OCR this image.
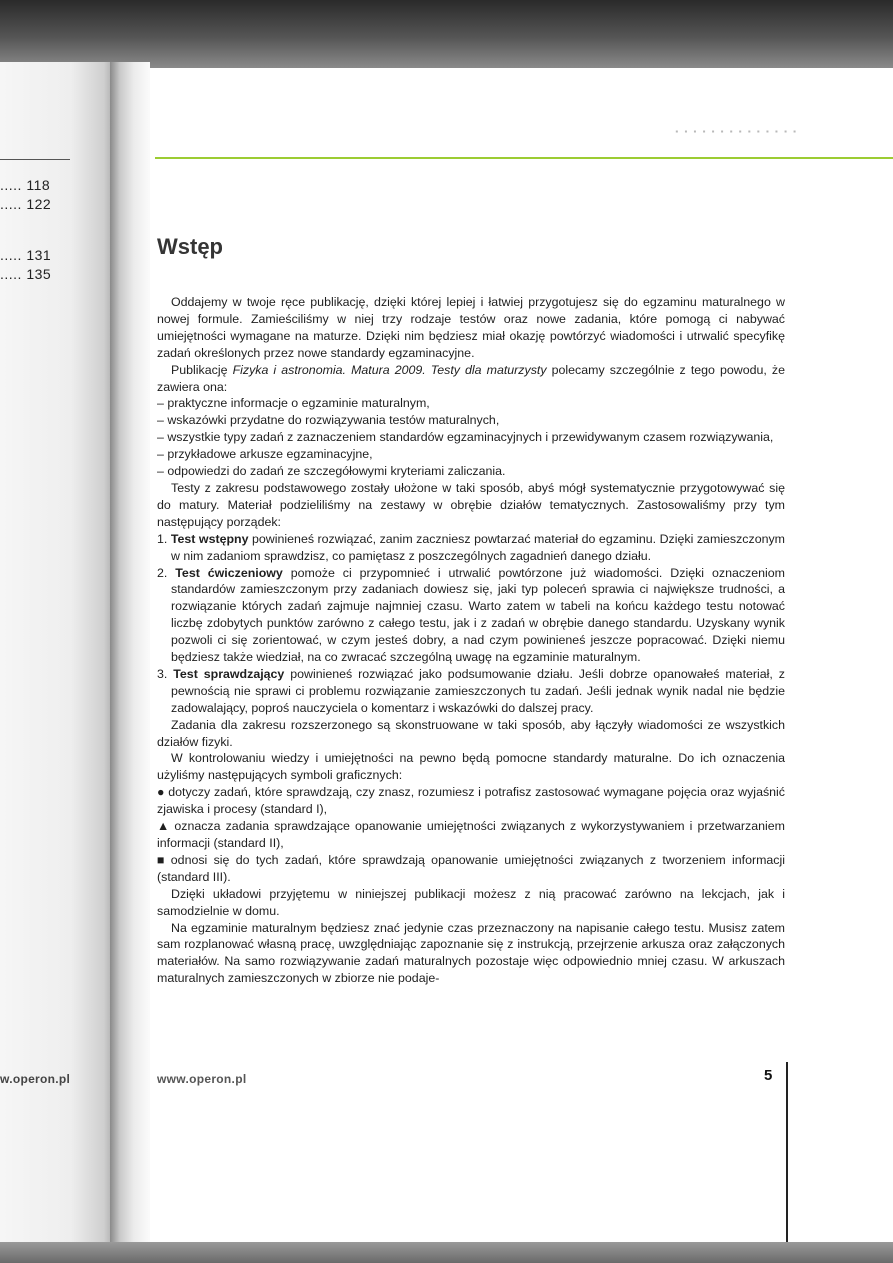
..... 118
..... 122
..... 131
..... 135
w.operon.pl
▪ ▪ ▪ ▪ ▪ ▪ ▪ ▪ ▪ ▪ ▪ ▪ ▪ ▪
Wstęp

Oddajemy w twoje ręce publikację, dzięki której lepiej i łatwiej przygotujesz się do egzaminu maturalnego w nowej formule. Zamieściliśmy w niej trzy rodzaje testów oraz nowe zadania, które pomogą ci nabywać umiejętności wymagane na maturze. Dzięki nim będziesz miał okazję powtórzyć wiadomości i utrwalić specyfikę zadań określonych przez nowe standardy egzaminacyjne.

Publikację Fizyka i astronomia. Matura 2009. Testy dla maturzysty polecamy szczególnie z tego powodu, że zawiera ona:

– praktyczne informacje o egzaminie maturalnym,

– wskazówki przydatne do rozwiązywania testów maturalnych,

– wszystkie typy zadań z zaznaczeniem standardów egzaminacyjnych i przewidywanym czasem rozwiązywania,

– przykładowe arkusze egzaminacyjne,

– odpowiedzi do zadań ze szczegółowymi kryteriami zaliczania.

Testy z zakresu podstawowego zostały ułożone w taki sposób, abyś mógł systematycznie przygotowywać się do matury. Materiał podzieliliśmy na zestawy w obrębie działów tematycznych. Zastosowaliśmy przy tym następujący porządek:

1. Test wstępny powinieneś rozwiązać, zanim zaczniesz powtarzać materiał do egzaminu. Dzięki zamieszczonym w nim zadaniom sprawdzisz, co pamiętasz z poszczególnych zagadnień danego działu.

2. Test ćwiczeniowy pomoże ci przypomnieć i utrwalić powtórzone już wiadomości. Dzięki oznaczeniom standardów zamieszczonym przy zadaniach dowiesz się, jaki typ poleceń sprawia ci największe trudności, a rozwiązanie których zadań zajmuje najmniej czasu. Warto zatem w tabeli na końcu każdego testu notować liczbę zdobytych punktów zarówno z całego testu, jak i z zadań w obrębie danego standardu. Uzyskany wynik pozwoli ci się zorientować, w czym jesteś dobry, a nad czym powinieneś jeszcze popracować. Dzięki niemu będziesz także wiedział, na co zwracać szczególną uwagę na egzaminie maturalnym.

3. Test sprawdzający powinieneś rozwiązać jako podsumowanie działu. Jeśli dobrze opanowałeś materiał, z pewnością nie sprawi ci problemu rozwiązanie zamieszczonych tu zadań. Jeśli jednak wynik nadal nie będzie zadowalający, poproś nauczyciela o komentarz i wskazówki do dalszej pracy.

Zadania dla zakresu rozszerzonego są skonstruowane w taki sposób, aby łączyły wiadomości ze wszystkich działów fizyki.

W kontrolowaniu wiedzy i umiejętności na pewno będą pomocne standardy maturalne. Do ich oznaczenia użyliśmy następujących symboli graficznych:

● dotyczy zadań, które sprawdzają, czy znasz, rozumiesz i potrafisz zastosować wymagane pojęcia oraz wyjaśnić zjawiska i procesy (standard I),

▲ oznacza zadania sprawdzające opanowanie umiejętności związanych z wykorzystywaniem i przetwarzaniem informacji (standard II),

■ odnosi się do tych zadań, które sprawdzają opanowanie umiejętności związanych z tworzeniem informacji (standard III).

Dzięki układowi przyjętemu w niniejszej publikacji możesz z nią pracować zarówno na lekcjach, jak i samodzielnie w domu.

Na egzaminie maturalnym będziesz znać jedynie czas przeznaczony na napisanie całego testu. Musisz zatem sam rozplanować własną pracę, uwzględniając zapoznanie się z instrukcją, przejrzenie arkusza oraz załączonych materiałów. Na samo rozwiązywanie zadań maturalnych pozostaje więc odpowiednio mniej czasu. W arkuszach maturalnych zamieszczonych w zbiorze nie podaje-

www.operon.pl	5
